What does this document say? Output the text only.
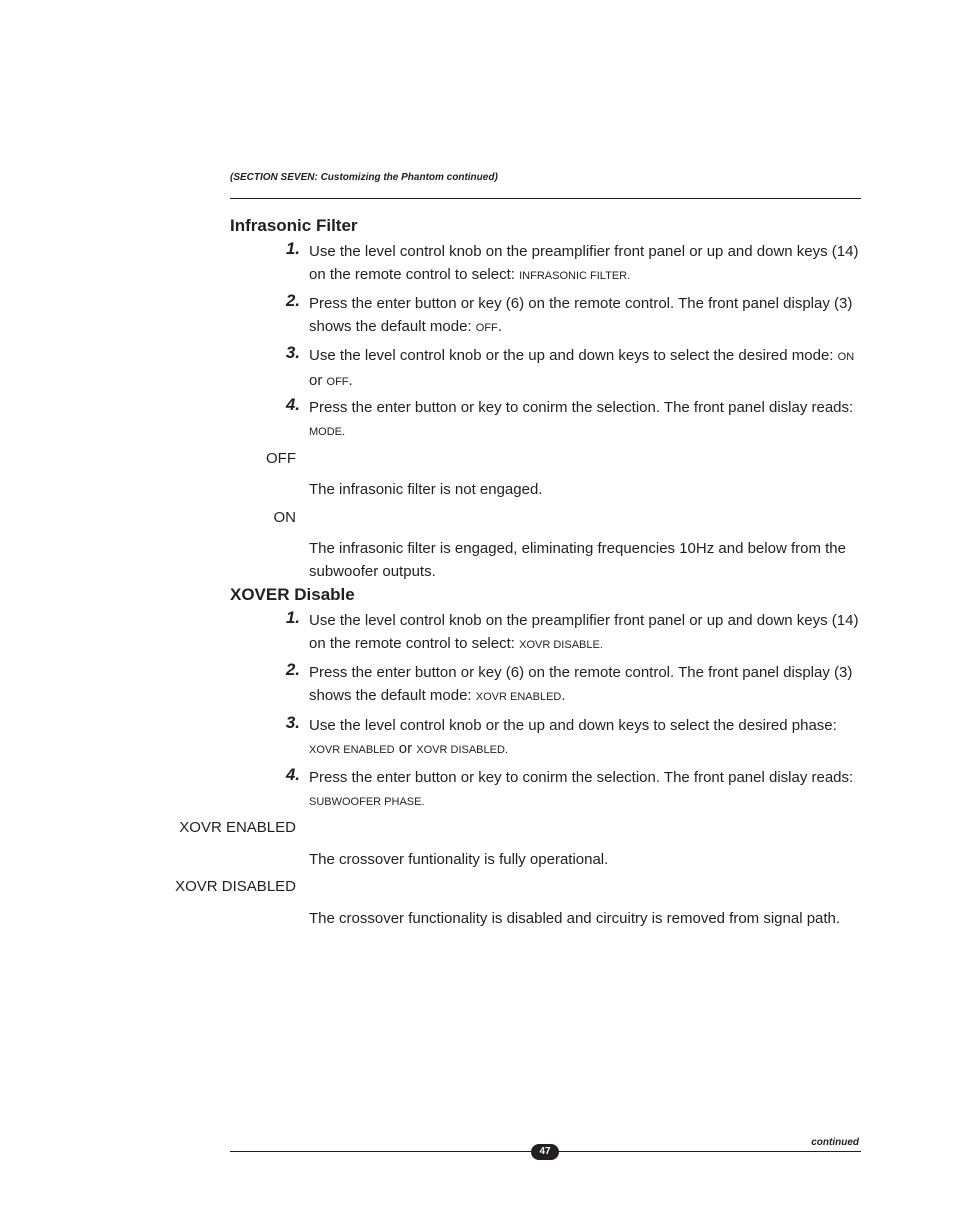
(SECTION SEVEN: Customizing the Phantom continued)
Infrasonic Filter
1. Use the level control knob on the preamplifier front panel or up and down keys (14) on the remote control to select: INFRASONIC FILTER.
2. Press the enter button or key (6) on the remote control. The front panel display (3) shows the default mode: OFF.
3. Use the level control knob or the up and down keys to select the desired mode: ON or OFF.
4. Press the enter button or key to conirm the selection. The front panel dislay reads: MODE.
OFF
The infrasonic filter is not engaged.
ON
The infrasonic filter is engaged, eliminating frequencies 10Hz and below from the subwoofer outputs.
XOVER Disable
1. Use the level control knob on the preamplifier front panel or up and down keys (14) on the remote control to select: XOVR DISABLE.
2. Press the enter button or key (6) on the remote control. The front panel display (3) shows the default mode: XOVR ENABLED.
3. Use the level control knob or the up and down keys to select the desired phase: XOVR ENABLED or XOVR DISABLED.
4. Press the enter button or key to conirm the selection. The front panel dislay reads: SUBWOOFER PHASE.
XOVR ENABLED
The crossover funtionality is fully operational.
XOVR DISABLED
The crossover functionality is disabled and circuitry is removed from signal path.
continued
47
